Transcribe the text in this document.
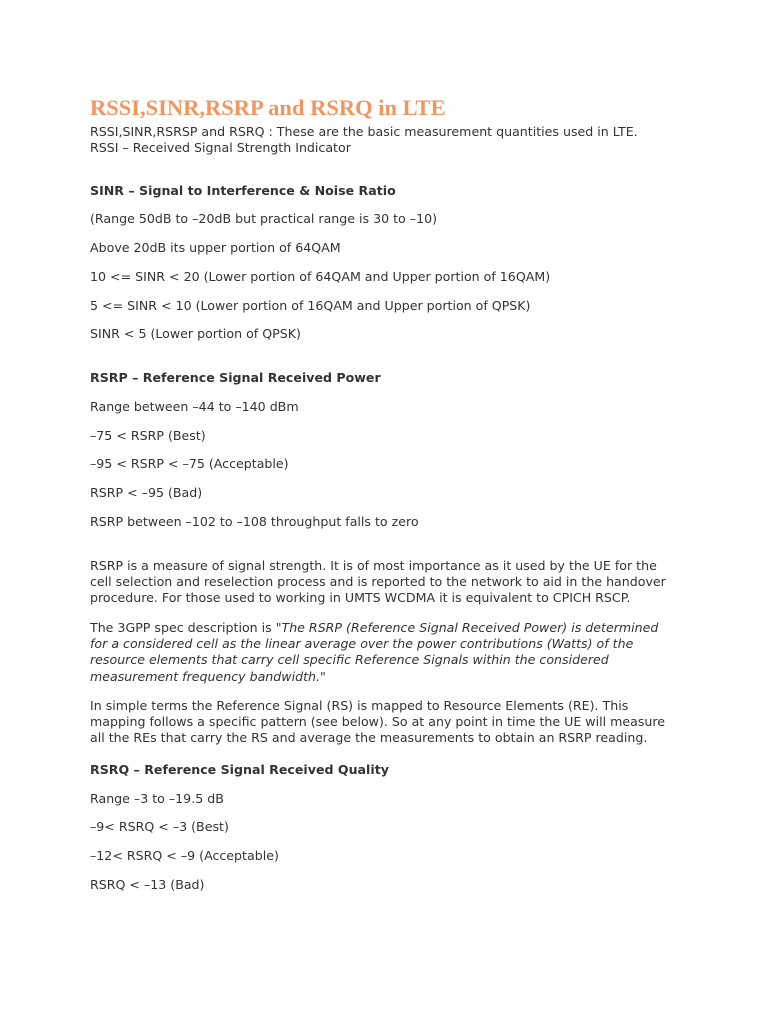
RSSI,SINR,RSRP and RSRQ in LTE
RSSI,SINR,RSRSP and RSRQ : These are the basic measurement quantities used in LTE.
RSSI – Received Signal Strength Indicator
SINR – Signal to Interference & Noise Ratio
(Range 50dB to –20dB but practical range is 30 to –10)
Above 20dB its upper portion of 64QAM
10 <= SINR < 20 (Lower portion of 64QAM and Upper portion of 16QAM)
5 <= SINR < 10 (Lower portion of 16QAM and Upper portion of QPSK)
SINR < 5 (Lower portion of QPSK)
RSRP – Reference Signal Received Power
Range between –44 to –140 dBm
–75 < RSRP (Best)
–95 < RSRP < –75 (Acceptable)
RSRP < –95 (Bad)
RSRP between –102 to –108 throughput falls to zero
RSRP is a measure of signal strength. It is of most importance as it used by the UE for the
cell selection and reselection process and is reported to the network to aid in the handover
procedure. For those used to working in UMTS WCDMA it is equivalent to CPICH RSCP.
The 3GPP spec description is "The RSRP (Reference Signal Received Power) is determined
for a considered cell as the linear average over the power contributions (Watts) of the resource elements that carry cell specific Reference Signals within the considered measurement frequency bandwidth."
In simple terms the Reference Signal (RS) is mapped to Resource Elements (RE). This
mapping follows a specific pattern (see below). So at any point in time the UE will measure
all the REs that carry the RS and average the measurements to obtain an RSRP reading.
RSRQ – Reference Signal Received Quality
Range –3 to –19.5 dB
–9< RSRQ < –3 (Best)
–12< RSRQ < –9 (Acceptable)
RSRQ < –13 (Bad)
